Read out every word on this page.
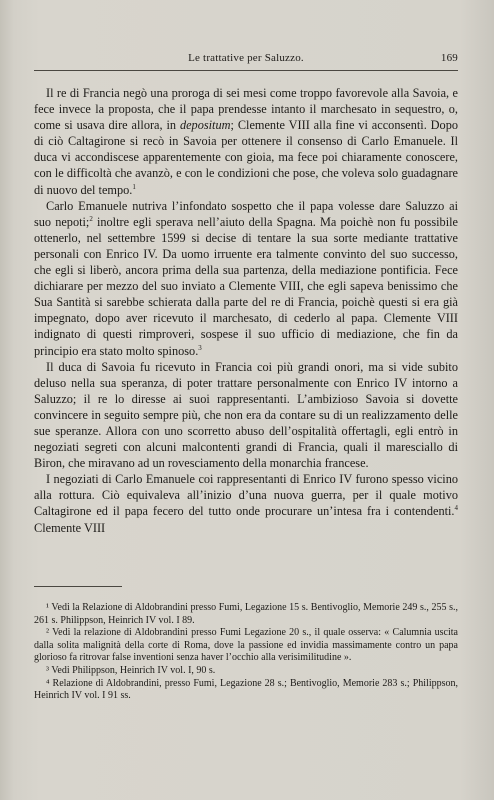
Le trattative per Saluzzo.	169

Il re di Francia negò una proroga di sei mesi come troppo favorevole alla Savoia, e fece invece la proposta, che il papa prendesse intanto il marchesato in sequestro, o, come si usava dire allora, in depositum; Clemente VIII alla fine vi acconsentì. Dopo di ciò Caltagirone si recò in Savoia per ottenere il consenso di Carlo Emanuele. Il duca vi accondiscese apparentemente con gioia, ma fece poi chiaramente conoscere, con le difficoltà che avanzò, e con le condizioni che pose, che voleva solo guadagnare di nuovo del tempo.$^1$

Carlo Emanuele nutriva l’infondato sospetto che il papa volesse dare Saluzzo ai suo nepoti;$^2$ inoltre egli sperava nell’aiuto della Spagna. Ma poichè non fu possibile ottenerlo, nel settembre 1599 si decise di tentare la sua sorte mediante trattative personali con Enrico IV. Da uomo irruente era talmente convinto del suo successo, che egli si liberò, ancora prima della sua partenza, della mediazione pontificia. Fece dichiarare per mezzo del suo inviato a Clemente VIII, che egli sapeva benissimo che Sua Santità si sarebbe schierata dalla parte del re di Francia, poichè questi si era già impegnato, dopo aver ricevuto il marchesato, di cederlo al papa. Clemente VIII indignato di questi rimproveri, sospese il suo ufficio di mediazione, che fin da principio era stato molto spinoso.$^3$

Il duca di Savoia fu ricevuto in Francia coi più grandi onori, ma si vide subito deluso nella sua speranza, di poter trattare personalmente con Enrico IV intorno a Saluzzo; il re lo diresse ai suoi rappresentanti. L’ambizioso Savoia si dovette convincere in seguito sempre più, che non era da contare su di un realizzamento delle sue speranze. Allora con uno scorretto abuso dell’ospitalità offertagli, egli entrò in negoziati segreti con alcuni malcontenti grandi di Francia, quali il maresciallo di Biron, che miravano ad un rovesciamento della monarchia francese.

I negoziati di Carlo Emanuele coi rappresentanti di Enrico IV furono spesso vicino alla rottura. Ciò equivaleva all’inizio d’una nuova guerra, per il quale motivo Caltagirone ed il papa fecero del tutto onde procurare un’intesa fra i contendenti.$^4$ Clemente VIII

¹ Vedi la Relazione di Aldobrandini presso Fumi, Legazione 15 s. Bentivoglio, Memorie 249 s., 255 s., 261 s. Philippson, Heinrich IV vol. I 89.

² Vedi la relazione di Aldobrandini presso Fumi Legazione 20 s., il quale osserva: « Calumnia uscita dalla solita malignità della corte di Roma, dove la passione ed invidia massimamente contro un papa glorioso fa ritrovar false inventioni senza haver l’occhio alla verisimilitudine ».

³ Vedi Philippson, Heinrich IV vol. I, 90 s.

⁴ Relazione di Aldobrandini, presso Fumi, Legazione 28 s.; Bentivoglio, Memorie 283 s.; Philippson, Heinrich IV vol. I 91 ss.
